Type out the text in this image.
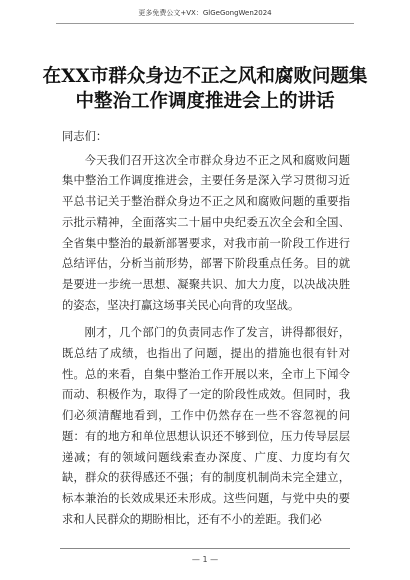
更多免费公文+VX：GlGeGongWen2024
在XX市群众身边不正之风和腐败问题集
中整治工作调度推进会上的讲话
同志们：

今天我们召开这次全市群众身边不正之风和腐败问题集中整治工作调度推进会，主要任务是深入学习贯彻习近平总书记关于整治群众身边不正之风和腐败问题的重要指示批示精神，全面落实二十届中央纪委五次全会和全国、全省集中整治的最新部署要求，对我市前一阶段工作进行总结评估，分析当前形势，部署下阶段重点任务。目的就是要进一步统一思想、凝聚共识、加大力度，以决战决胜的姿态，坚决打赢这场事关民心向背的攻坚战。

刚才，几个部门的负责同志作了发言，讲得都很好，既总结了成绩，也指出了问题，提出的措施也很有针对性。总的来看，自集中整治工作开展以来，全市上下闻令而动、积极作为，取得了一定的阶段性成效。但同时，我们必须清醒地看到，工作中仍然存在一些不容忽视的问题：有的地方和单位思想认识还不够到位，压力传导层层递减；有的领域问题线索查办深度、广度、力度均有欠缺，群众的获得感还不强；有的制度机制尚未完全建立，标本兼治的长效成果还未形成。这些问题，与党中央的要求和人民群众的期盼相比，还有不小的差距。我们必

— 1 —
